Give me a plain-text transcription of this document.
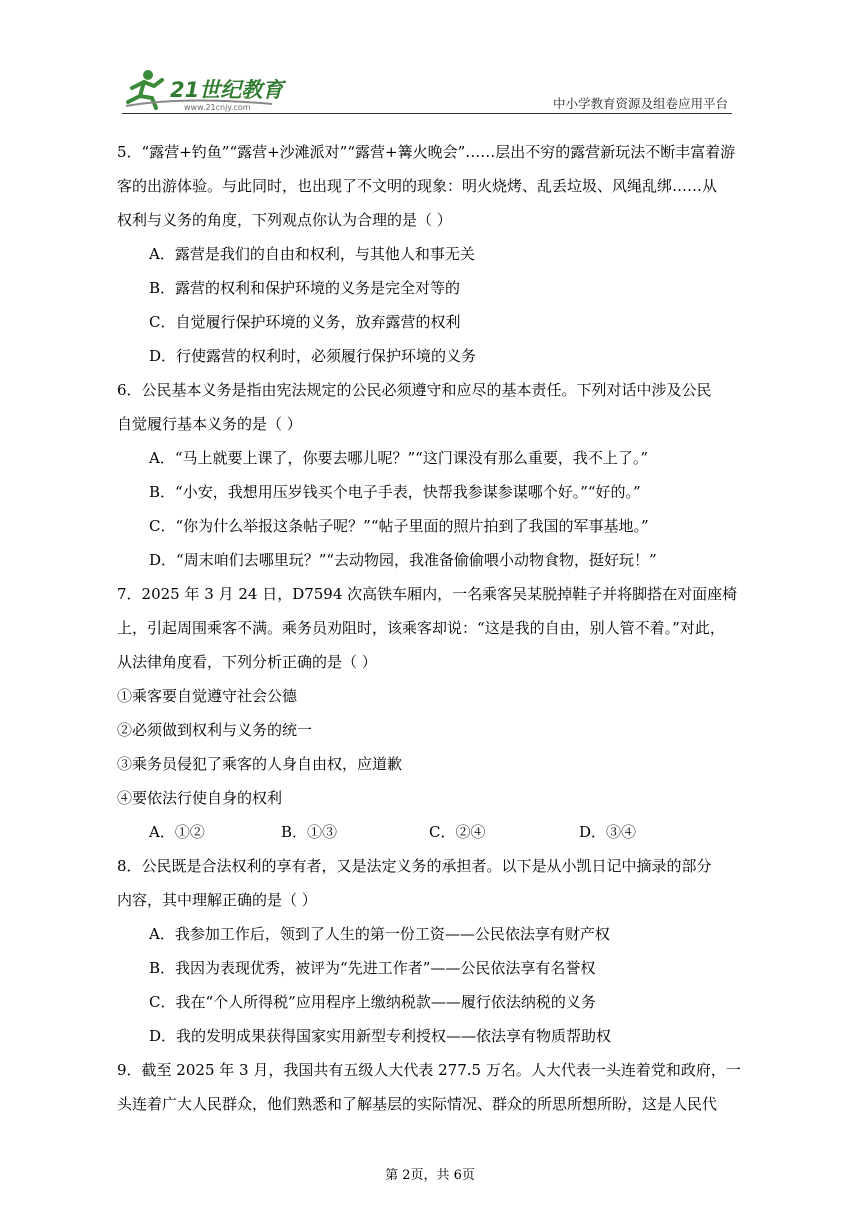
21世纪教育
www.21cnjy.com	中小学教育资源及组卷应用平台
5．“露营+钓鱼”“露营+沙滩派对”“露营+篝火晚会”……层出不穷的露营新玩法不断丰富着游
客的出游体验。与此同时，也出现了不文明的现象：明火烧烤、乱丢垃圾、风绳乱绑……从
权利与义务的角度，下列观点你认为合理的是（ ）
A．露营是我们的自由和权利，与其他人和事无关
B．露营的权利和保护环境的义务是完全对等的
C．自觉履行保护环境的义务，放弃露营的权利
D．行使露营的权利时，必须履行保护环境的义务
6．公民基本义务是指由宪法规定的公民必须遵守和应尽的基本责任。下列对话中涉及公民
自觉履行基本义务的是（ ）
A．“马上就要上课了，你要去哪儿呢？”“这门课没有那么重要，我不上了。”
B．“小安，我想用压岁钱买个电子手表，快帮我参谋参谋哪个好。”“好的。”
C．“你为什么举报这条帖子呢？”“帖子里面的照片拍到了我国的军事基地。”
D．“周末咱们去哪里玩？”“去动物园，我准备偷偷喂小动物食物，挺好玩！”
7．2025 年 3 月 24 日，D7594 次高铁车厢内，一名乘客吴某脱掉鞋子并将脚搭在对面座椅
上，引起周围乘客不满。乘务员劝阻时，该乘客却说：“这是我的自由，别人管不着。”对此，
从法律角度看，下列分析正确的是（ ）
①乘客要自觉遵守社会公德
②必须做到权利与义务的统一
③乘务员侵犯了乘客的人身自由权，应道歉
④要依法行使自身的权利
A．①②	B．①③	C．②④	D．③④
8．公民既是合法权利的享有者，又是法定义务的承担者。以下是从小凯日记中摘录的部分
内容，其中理解正确的是（ ）
A．我参加工作后，领到了人生的第一份工资——公民依法享有财产权
B．我因为表现优秀，被评为“先进工作者”——公民依法享有名誉权
C．我在“个人所得税”应用程序上缴纳税款——履行依法纳税的义务
D．我的发明成果获得国家实用新型专利授权——依法享有物质帮助权
9．截至 2025 年 3 月，我国共有五级人大代表 277.5 万名。人大代表一头连着党和政府，一
头连着广大人民群众，他们熟悉和了解基层的实际情况、群众的所思所想所盼，这是人民代
第 2页，共 6页
